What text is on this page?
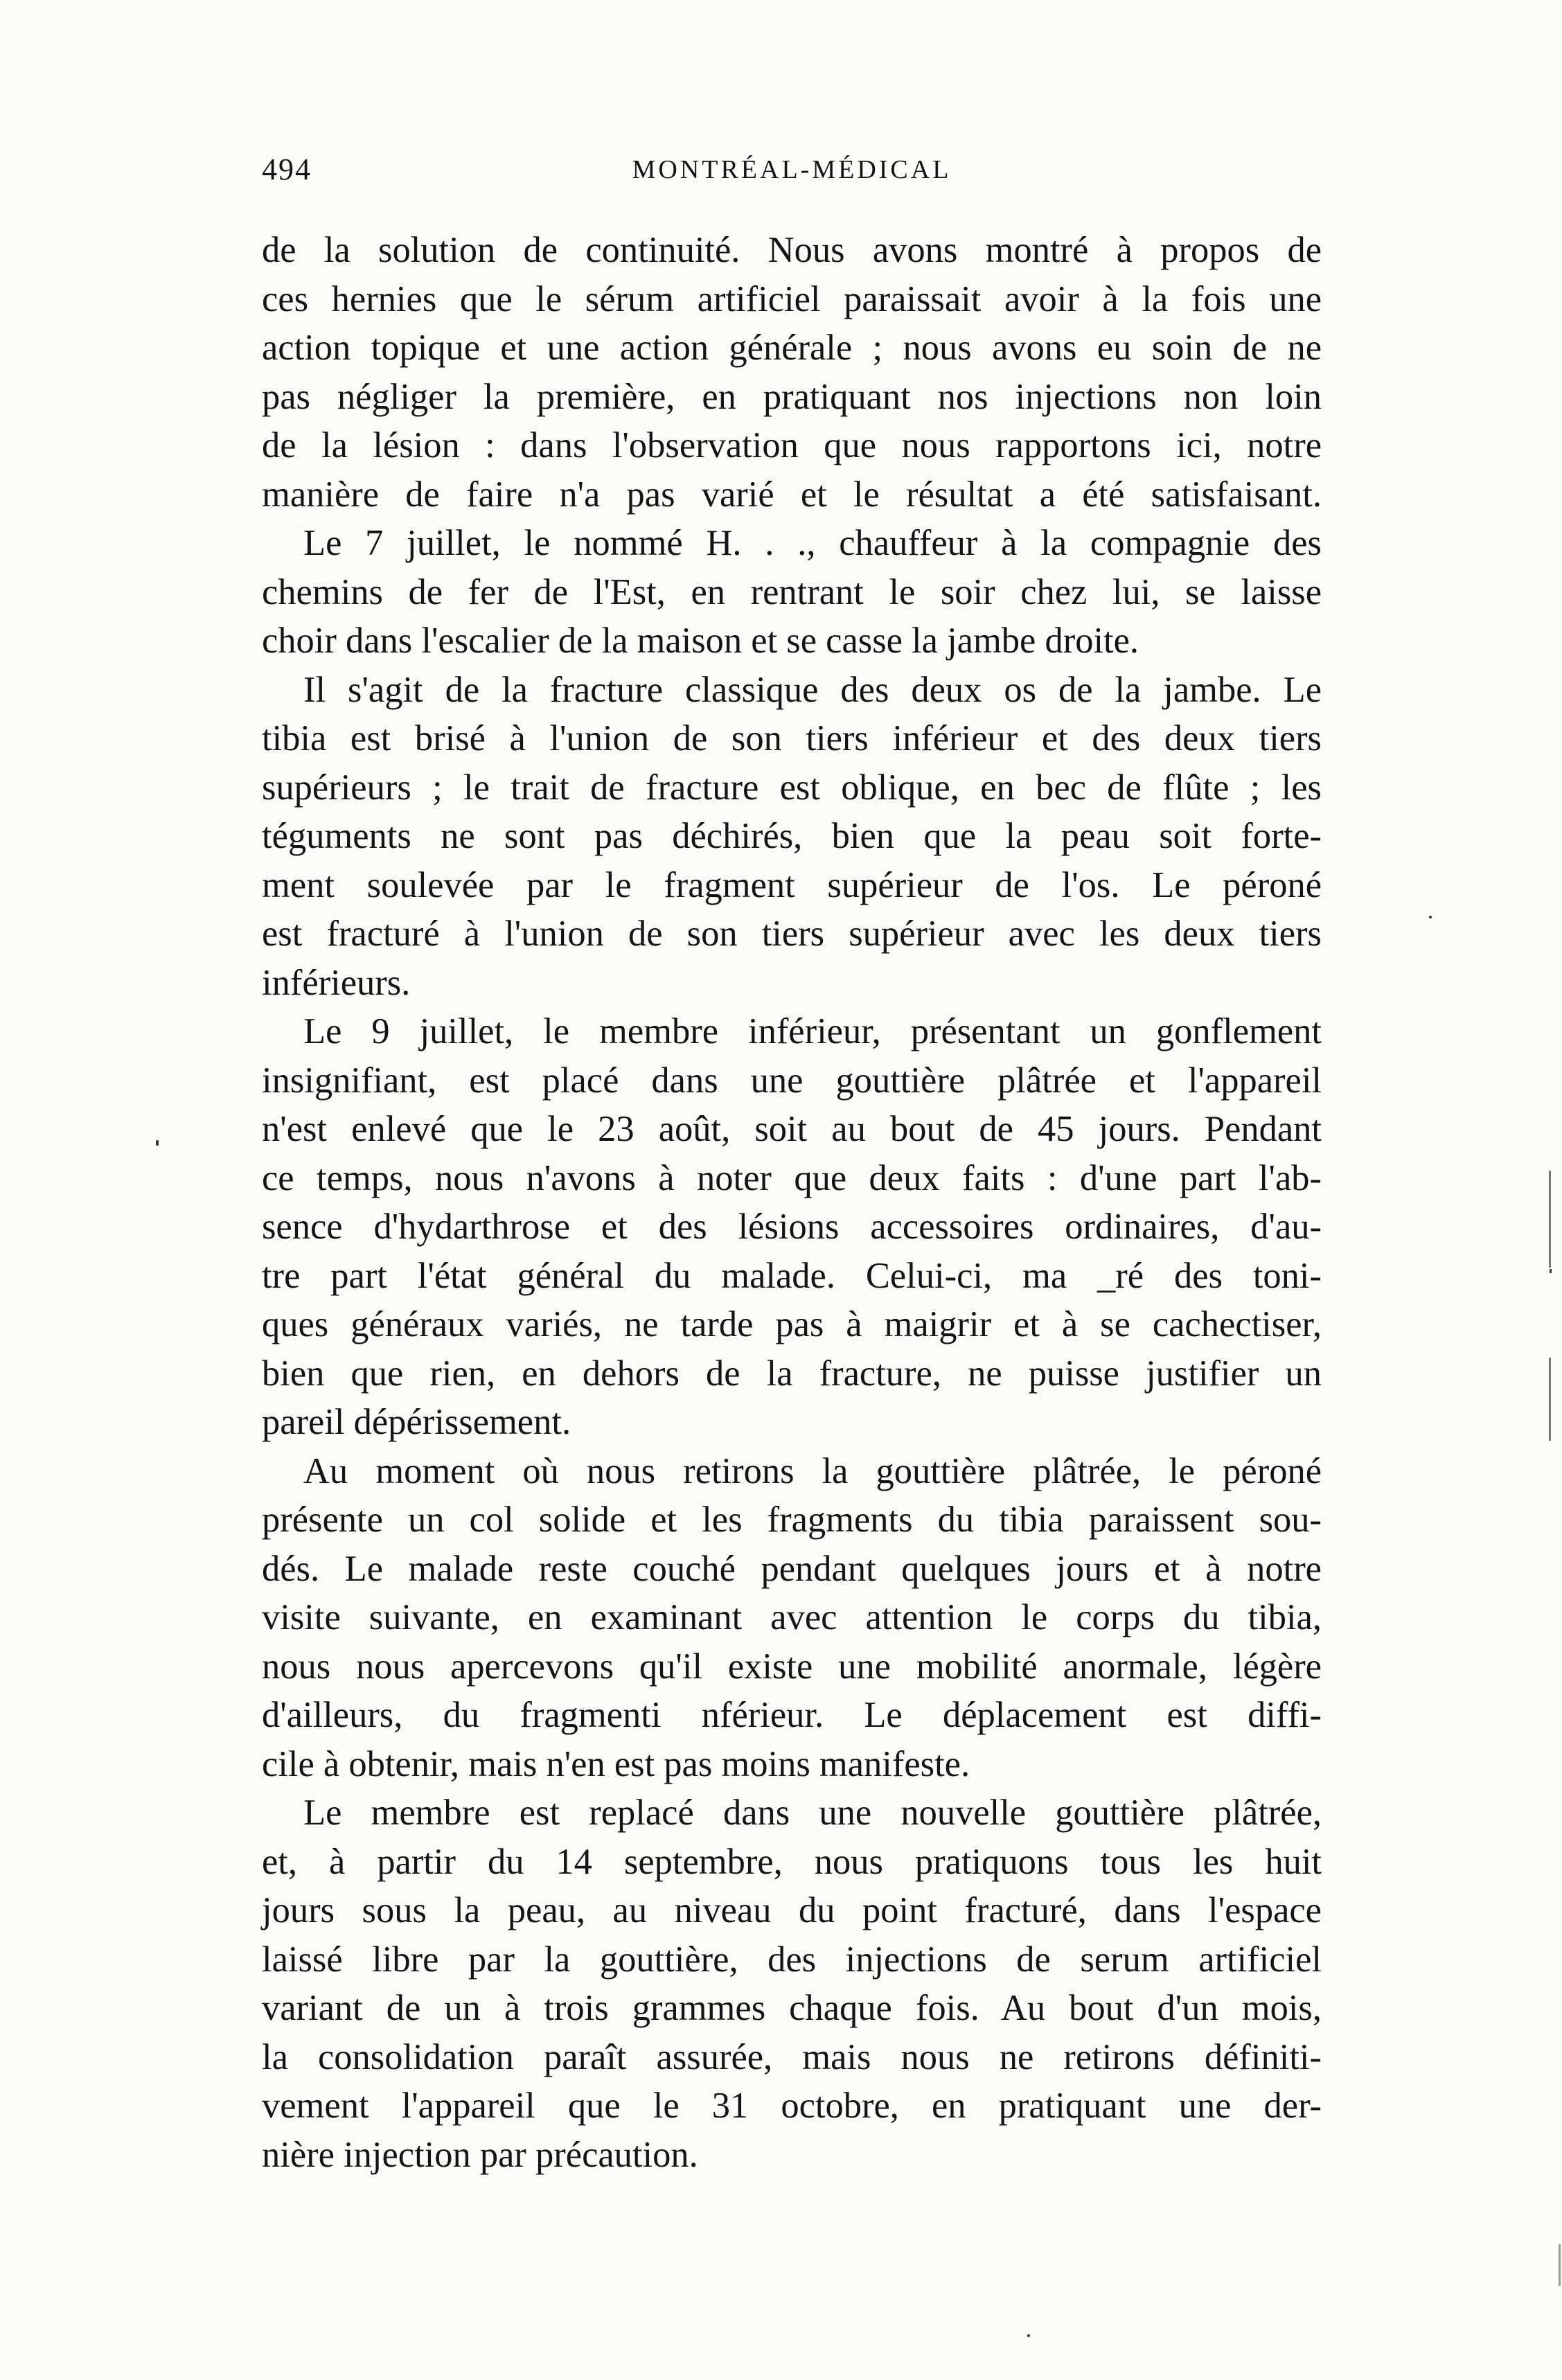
494	MONTRÉAL-MÉDICAL
de la solution de continuité. Nous avons montré à propos de
ces hernies que le sérum artificiel paraissait avoir à la fois une
action topique et une action générale ; nous avons eu soin de ne
pas négliger la première, en pratiquant nos injections non loin
de la lésion : dans l'observation que nous rapportons ici, notre
manière de faire n'a pas varié et le résultat a été satisfaisant.
Le 7 juillet, le nommé H. . ., chauffeur à la compagnie des
chemins de fer de l'Est, en rentrant le soir chez lui, se laisse
choir dans l'escalier de la maison et se casse la jambe droite.
Il s'agit de la fracture classique des deux os de la jambe. Le
tibia est brisé à l'union de son tiers inférieur et des deux tiers
supérieurs ; le trait de fracture est oblique, en bec de flûte ; les
téguments ne sont pas déchirés, bien que la peau soit forte-
ment soulevée par le fragment supérieur de l'os. Le péroné
est fracturé à l'union de son tiers supérieur avec les deux tiers
inférieurs.
Le 9 juillet, le membre inférieur, présentant un gonflement
insignifiant, est placé dans une gouttière plâtrée et l'appareil
n'est enlevé que le 23 août, soit au bout de 45 jours. Pendant
ce temps, nous n'avons à noter que deux faits : d'une part l'ab-
sence d'hydarthrose et des lésions accessoires ordinaires, d'au-
tre part l'état général du malade. Celui-ci, ma _ré des toni-
ques généraux variés, ne tarde pas à maigrir et à se cachectiser,
bien que rien, en dehors de la fracture, ne puisse justifier un
pareil dépérissement.
Au moment où nous retirons la gouttière plâtrée, le péroné
présente un col solide et les fragments du tibia paraissent sou-
dés. Le malade reste couché pendant quelques jours et à notre
visite suivante, en examinant avec attention le corps du tibia,
nous nous apercevons qu'il existe une mobilité anormale, légère
d'ailleurs, du fragmenti nférieur. Le déplacement est diffi-
cile à obtenir, mais n'en est pas moins manifeste.
Le membre est replacé dans une nouvelle gouttière plâtrée,
et, à partir du 14 septembre, nous pratiquons tous les huit
jours sous la peau, au niveau du point fracturé, dans l'espace
laissé libre par la gouttière, des injections de serum artificiel
variant de un à trois grammes chaque fois. Au bout d'un mois,
la consolidation paraît assurée, mais nous ne retirons définiti-
vement l'appareil que le 31 octobre, en pratiquant une der-
nière injection par précaution.
